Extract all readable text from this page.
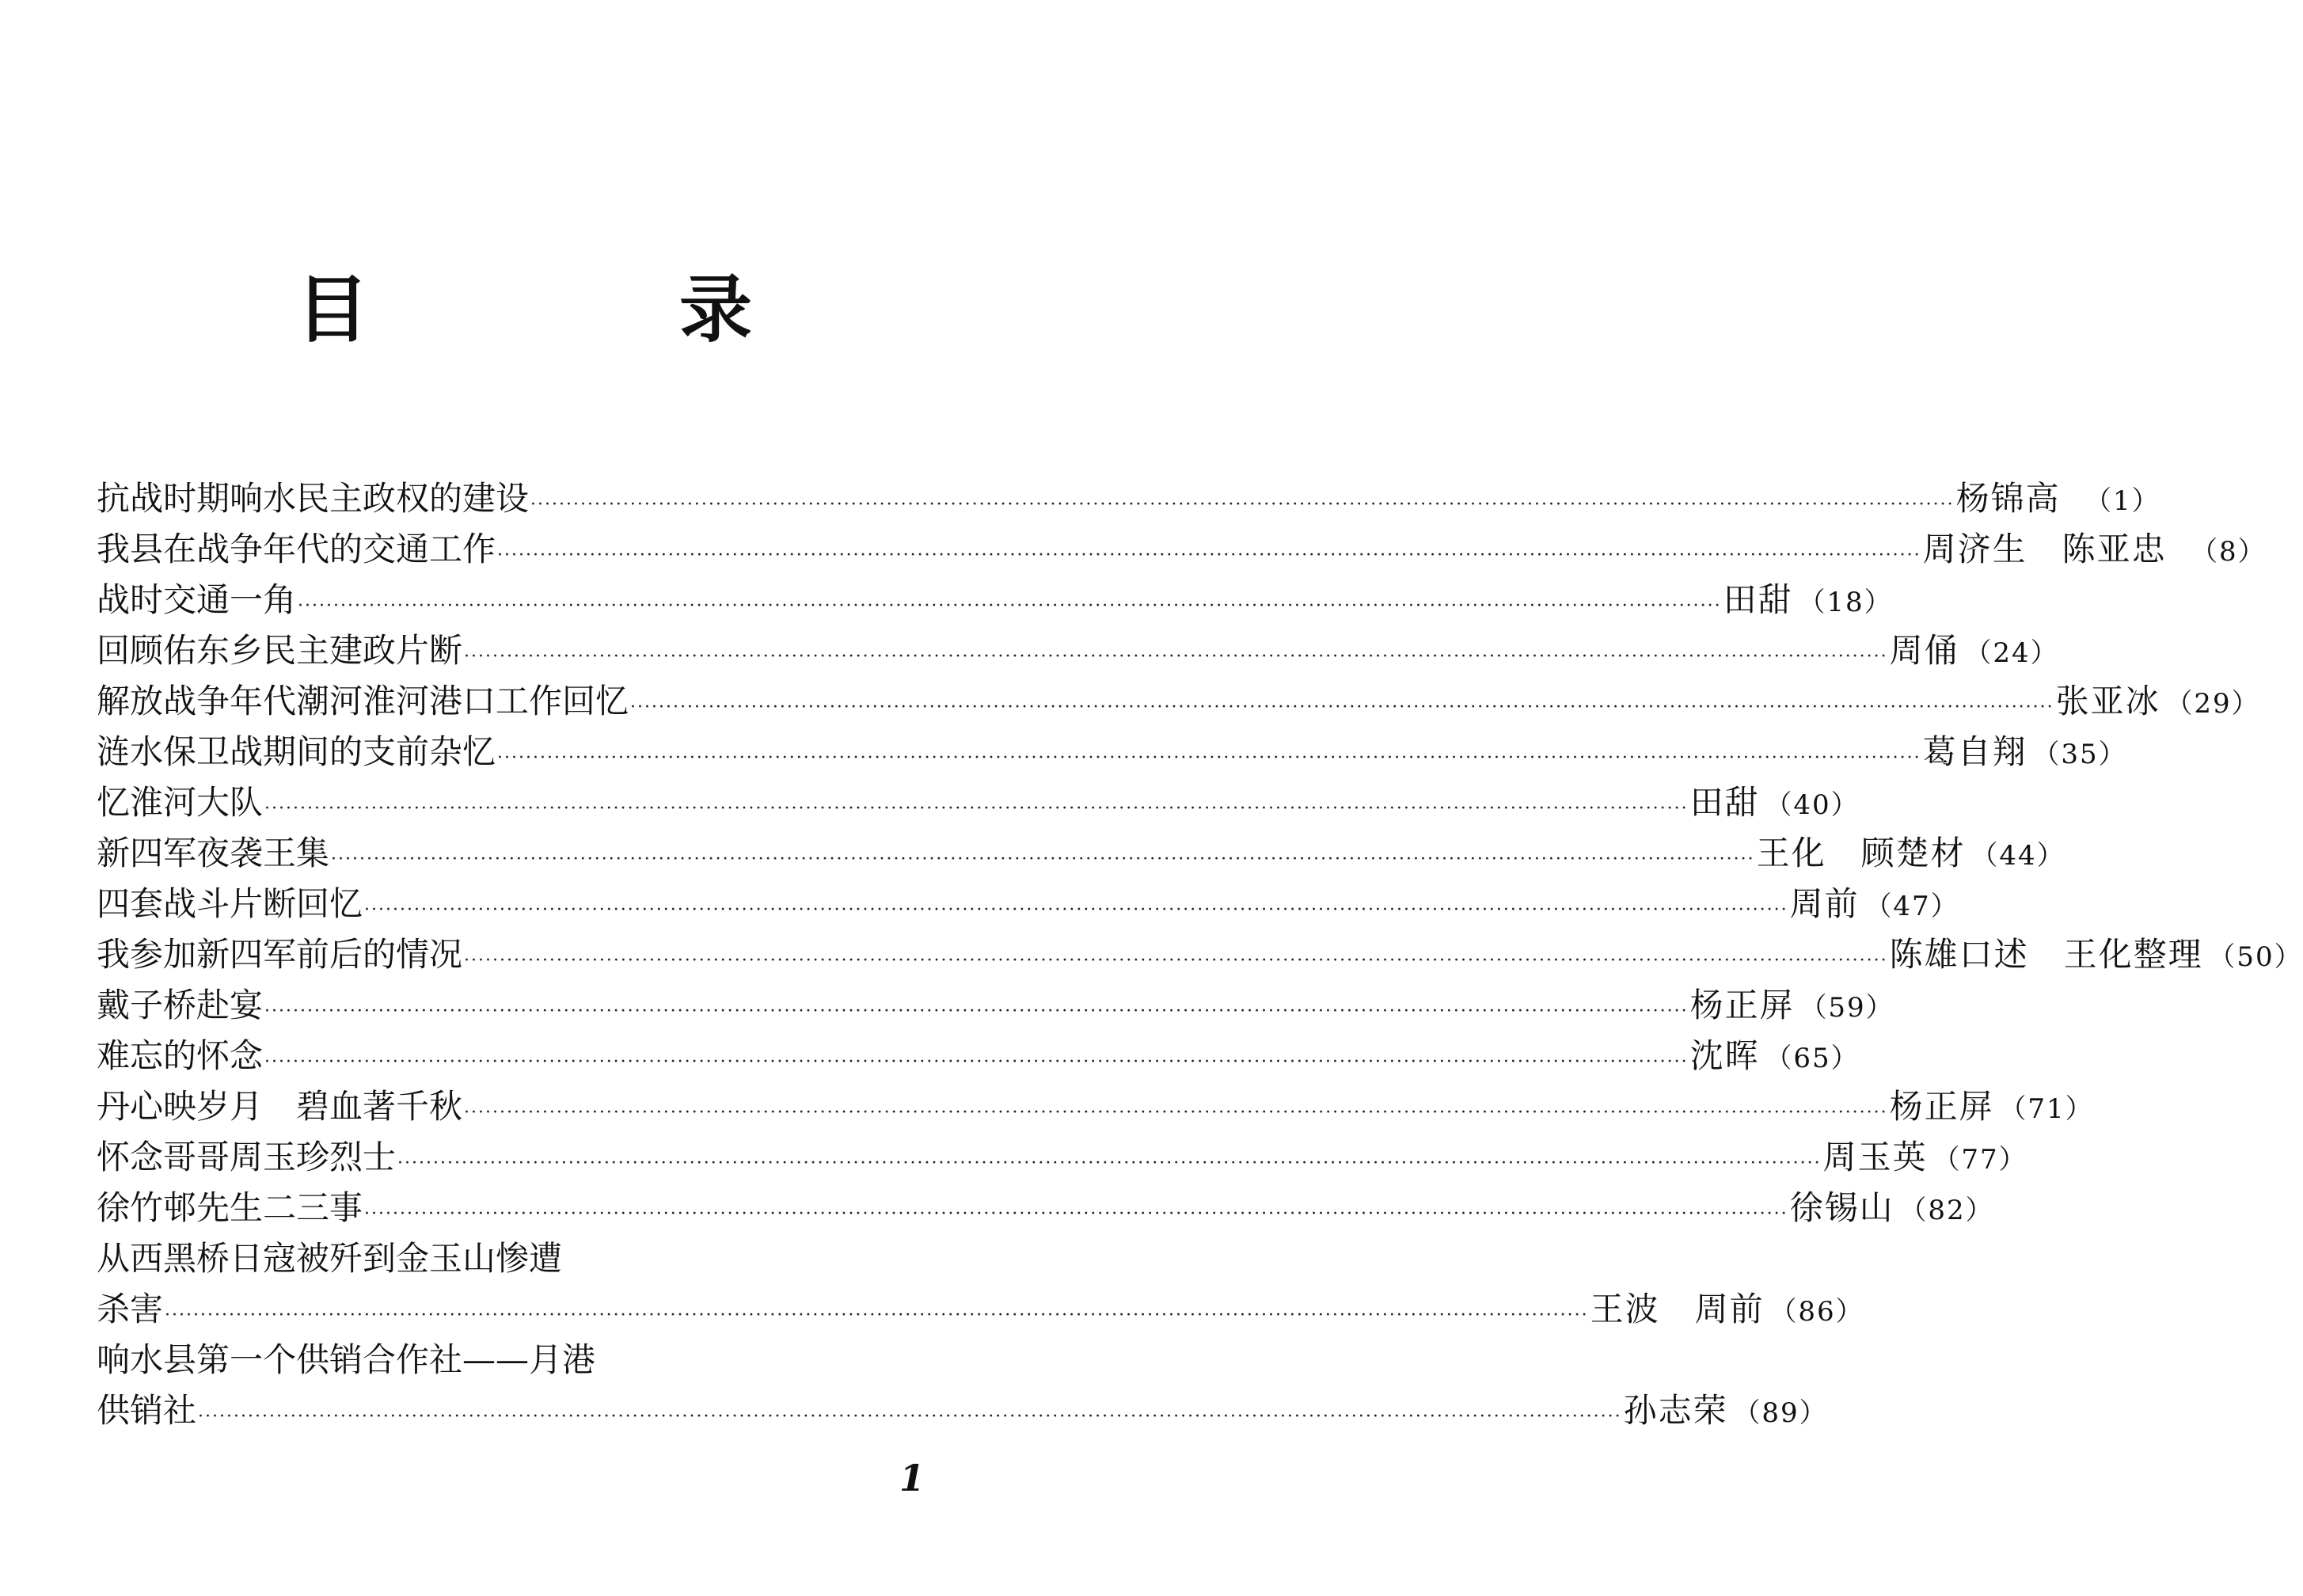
目　录
抗战时期响水民主政权的建设 ········································································································································································································ 杨锦高 （1）
我县在战争年代的交通工作 ········································································································································································································ 周济生　陈亚忠 （8）
战时交通一角 ········································································································································································································ 田甜 （18）
回顾佑东乡民主建政片断 ········································································································································································································ 周俑 （24）
解放战争年代潮河淮河港口工作回忆 ········································································································································································································ 张亚冰 （29）
涟水保卫战期间的支前杂忆 ········································································································································································································ 葛自翔 （35）
忆淮河大队 ········································································································································································································ 田甜 （40）
新四军夜袭王集 ········································································································································································································ 王化　顾楚材 （44）
四套战斗片断回忆 ········································································································································································································ 周前 （47）
我参加新四军前后的情况 ········································································································································································································ 陈雄口述　王化整理 （50）
戴子桥赴宴 ········································································································································································································ 杨正屏 （59）
难忘的怀念 ········································································································································································································ 沈晖 （65）
丹心映岁月　碧血著千秋 ········································································································································································································ 杨正屏 （71）
怀念哥哥周玉珍烈士 ········································································································································································································ 周玉英 （77）
徐竹邨先生二三事 ········································································································································································································ 徐锡山 （82）
从西黑桥日寇被歼到金玉山惨遭
杀害 ········································································································································································································ 王波　周前 （86）
响水县第一个供销合作社——月港
供销社 ········································································································································································································ 孙志荣 （89）
1
